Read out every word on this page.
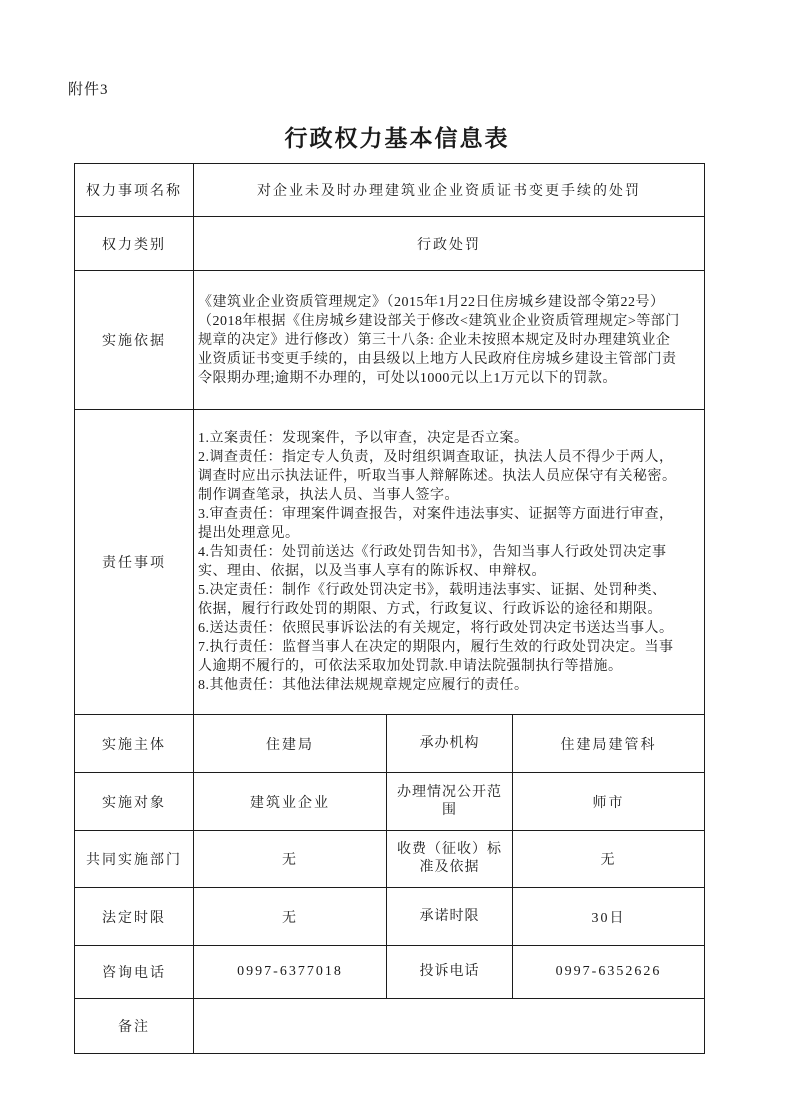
附件3
行政权力基本信息表
权力事项名称	对企业未及时办理建筑业企业资质证书变更手续的处罚		
权力类别	行政处罚		
实施依据	《建筑业企业资质管理规定》（2015年1月22日住房城乡建设部令第22号）
（2018年根据《住房城乡建设部关于修改<建筑业企业资质管理规定>等部门
规章的决定》进行修改）第三十八条: 企业未按照本规定及时办理建筑业企
业资质证书变更手续的，由县级以上地方人民政府住房城乡建设主管部门责
令限期办理;逾期不办理的，可处以1000元以上1万元以下的罚款。		

责任事项	
1.立案责任：发现案件，予以审查，决定是否立案。
2.调查责任：指定专人负责，及时组织调查取证，执法人员不得少于两人，
调查时应出示执法证件，听取当事人辩解陈述。执法人员应保守有关秘密。
制作调查笔录，执法人员、当事人签字。
3.审查责任：审理案件调查报告，对案件违法事实、证据等方面进行审查，
提出处理意见。
4.告知责任：处罚前送达《行政处罚告知书》，告知当事人行政处罚决定事
实、理由、依据，以及当事人享有的陈诉权、申辩权。
5.决定责任：制作《行政处罚决定书》，载明违法事实、证据、处罚种类、
依据，履行行政处罚的期限、方式，行政复议、行政诉讼的途径和期限。
6.送达责任：依照民事诉讼法的有关规定，将行政处罚决定书送达当事人。
7.执行责任：监督当事人在决定的期限内，履行生效的行政处罚决定。当事
人逾期不履行的，可依法采取加处罚款.申请法院强制执行等措施。
8.其他责任：其他法律法规规章规定应履行的责任。

实施主体	住建局	承办机构	住建局建管科
实施对象	建筑业企业	办理情况公开范围	师市
共同实施部门	无	收费（征收）标准及依据	无
法定时限	无	承诺时限	30日
咨询电话	0997-6377018	投诉电话	0997-6352626
备注			
